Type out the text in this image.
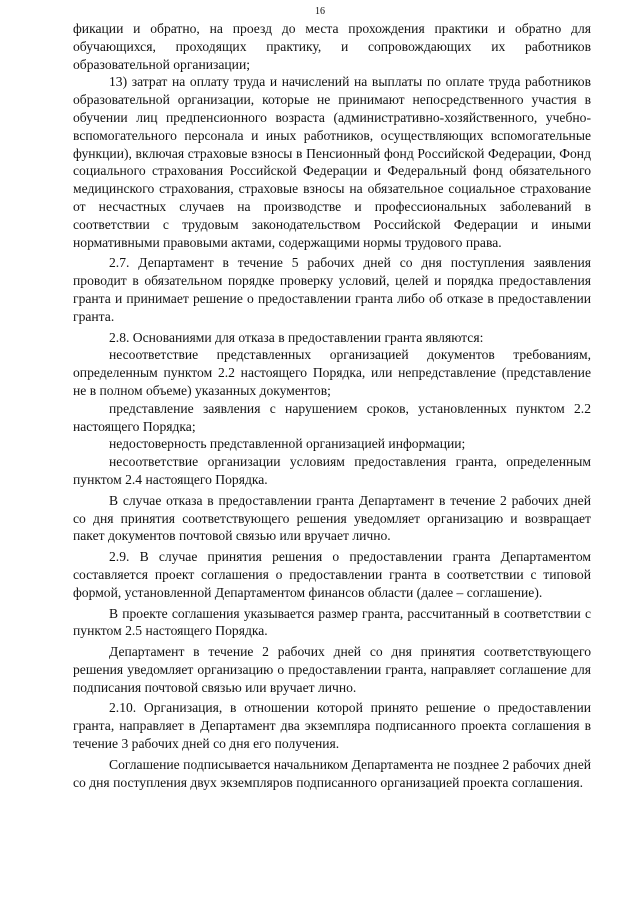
16

фикации и обратно, на проезд до места прохождения практики и обратно для обучающихся, проходящих практику, и сопровождающих их работников образовательной организации;

13) затрат на оплату труда и начислений на выплаты по оплате труда работников образовательной организации, которые не принимают непосредственного участия в обучении лиц предпенсионного возраста (административно-хозяйственного, учебно-вспомогательного персонала и иных работников, осуществляющих вспомогательные функции), включая страховые взносы в Пенсионный фонд Российской Федерации, Фонд социального страхования Российской Федерации и Федеральный фонд обязательного медицинского страхования, страховые взносы на обязательное социальное страхование от несчастных случаев на производстве и профессиональных заболеваний в соответствии с трудовым законодательством Российской Федерации и иными нормативными правовыми актами, содержащими нормы трудового права.

2.7. Департамент в течение 5 рабочих дней со дня поступления заявления проводит в обязательном порядке проверку условий, целей и порядка предоставления гранта и принимает решение о предоставлении гранта либо об отказе в предоставлении гранта.

2.8. Основаниями для отказа в предоставлении гранта являются:

несоответствие представленных организацией документов требованиям, определенным пунктом 2.2 настоящего Порядка, или непредставление (представление не в полном объеме) указанных документов;

представление заявления с нарушением сроков, установленных пунктом 2.2 настоящего Порядка;

недостоверность представленной организацией информации;

несоответствие организации условиям предоставления гранта, определенным пунктом 2.4 настоящего Порядка.

В случае отказа в предоставлении гранта Департамент в течение 2 рабочих дней со дня принятия соответствующего решения уведомляет организацию и возвращает пакет документов почтовой связью или вручает лично.

2.9. В случае принятия решения о предоставлении гранта Департаментом составляется проект соглашения о предоставлении гранта в соответствии с типовой формой, установленной Департаментом финансов области (далее – соглашение).

В проекте соглашения указывается размер гранта, рассчитанный в соответствии с пунктом 2.5 настоящего Порядка.

Департамент в течение 2 рабочих дней со дня принятия соответствующего решения уведомляет организацию о предоставлении гранта, направляет соглашение для подписания почтовой связью или вручает лично.

2.10. Организация, в отношении которой принято решение о предоставлении гранта, направляет в Департамент два экземпляра подписанного проекта соглашения в течение 3 рабочих дней со дня его получения.

Соглашение подписывается начальником Департамента не позднее 2 рабочих дней со дня поступления двух экземпляров подписанного организацией проекта соглашения.
